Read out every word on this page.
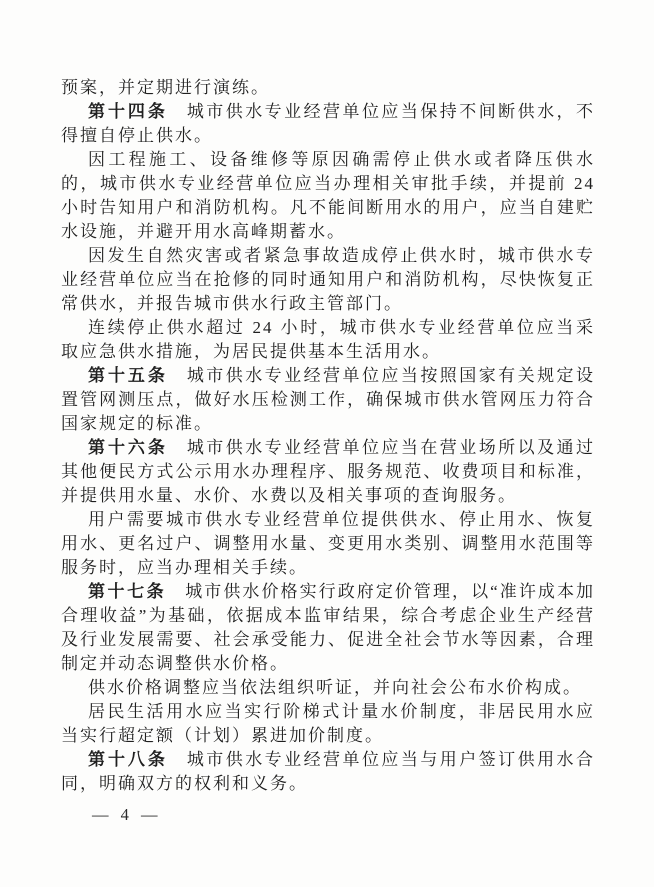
预案，并定期进行演练。

第十四条 城市供水专业经营单位应当保持不间断供水，不得擅自停止供水。

因工程施工、设备维修等原因确需停止供水或者降压供水的，城市供水专业经营单位应当办理相关审批手续，并提前 24 小时告知用户和消防机构。凡不能间断用水的用户，应当自建贮水设施，并避开用水高峰期蓄水。

因发生自然灾害或者紧急事故造成停止供水时，城市供水专业经营单位应当在抢修的同时通知用户和消防机构，尽快恢复正常供水，并报告城市供水行政主管部门。

连续停止供水超过 24 小时，城市供水专业经营单位应当采取应急供水措施，为居民提供基本生活用水。

第十五条 城市供水专业经营单位应当按照国家有关规定设置管网测压点，做好水压检测工作，确保城市供水管网压力符合国家规定的标准。

第十六条 城市供水专业经营单位应当在营业场所以及通过其他便民方式公示用水办理程序、服务规范、收费项目和标准，并提供用水量、水价、水费以及相关事项的查询服务。

用户需要城市供水专业经营单位提供供水、停止用水、恢复用水、更名过户、调整用水量、变更用水类别、调整用水范围等服务时，应当办理相关手续。

第十七条 城市供水价格实行政府定价管理，以“准许成本加合理收益”为基础，依据成本监审结果，综合考虑企业生产经营及行业发展需要、社会承受能力、促进全社会节水等因素，合理制定并动态调整供水价格。

供水价格调整应当依法组织听证，并向社会公布水价构成。

居民生活用水应当实行阶梯式计量水价制度，非居民用水应当实行超定额（计划）累进加价制度。

第十八条 城市供水专业经营单位应当与用户签订供用水合同，明确双方的权利和义务。

— 4 —
